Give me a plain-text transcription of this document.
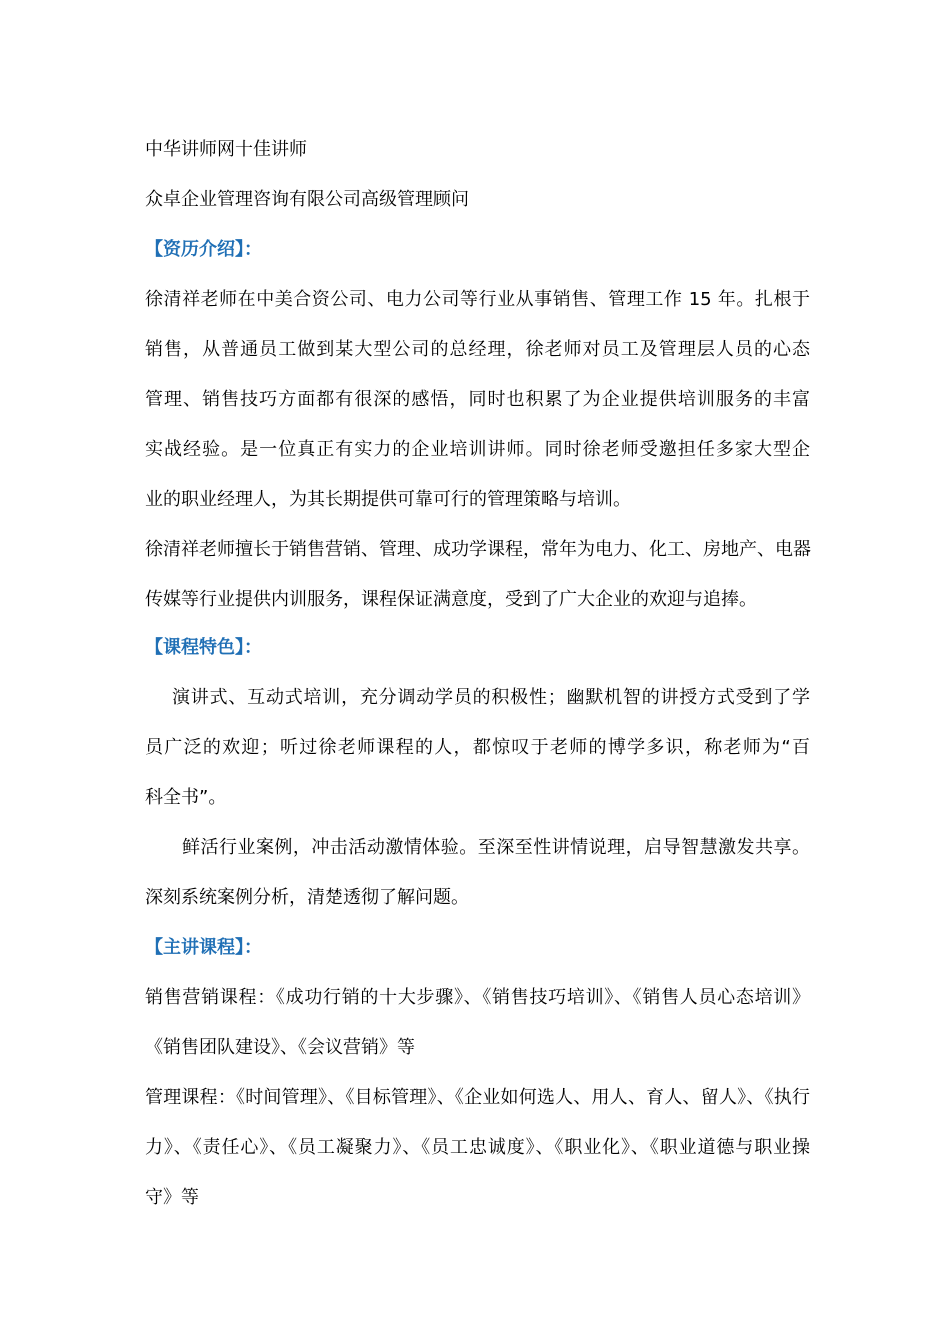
中华讲师网十佳讲师
众卓企业管理咨询有限公司高级管理顾问
【资历介绍】：
徐清祥老师在中美合资公司、电力公司等行业从事销售、管理工作 15 年。扎根于
销售，从普通员工做到某大型公司的总经理，徐老师对员工及管理层人员的心态
管理、销售技巧方面都有很深的感悟，同时也积累了为企业提供培训服务的丰富
实战经验。是一位真正有实力的企业培训讲师。同时徐老师受邀担任多家大型企
业的职业经理人，为其长期提供可靠可行的管理策略与培训。
徐清祥老师擅长于销售营销、管理、成功学课程，常年为电力、化工、房地产、电器
传媒等行业提供内训服务，课程保证满意度，受到了广大企业的欢迎与追捧。
【课程特色】：
演讲式、互动式培训，充分调动学员的积极性；幽默机智的讲授方式受到了学
员广泛的欢迎；听过徐老师课程的人，都惊叹于老师的博学多识，称老师为“百
科全书”。
鲜活行业案例，冲击活动激情体验。至深至性讲情说理，启导智慧激发共享。
深刻系统案例分析，清楚透彻了解问题。
【主讲课程】：
销售营销课程：《成功行销的十大步骤》、《销售技巧培训》、《销售人员心态培训》
《销售团队建设》、《会议营销》等
管理课程：《时间管理》、《目标管理》、《企业如何选人、用人、育人、留人》、《执行
力》、《责任心》、《员工凝聚力》、《员工忠诚度》、《职业化》、《职业道德与职业操
守》等
